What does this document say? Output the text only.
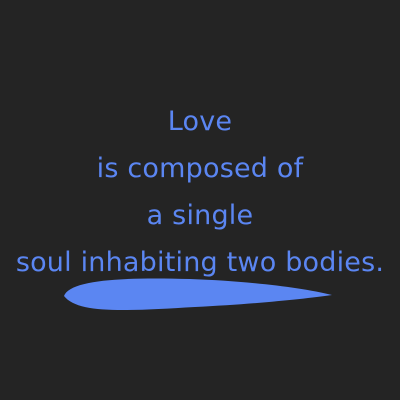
Love
is composed of
a single
soul inhabiting two bodies.
